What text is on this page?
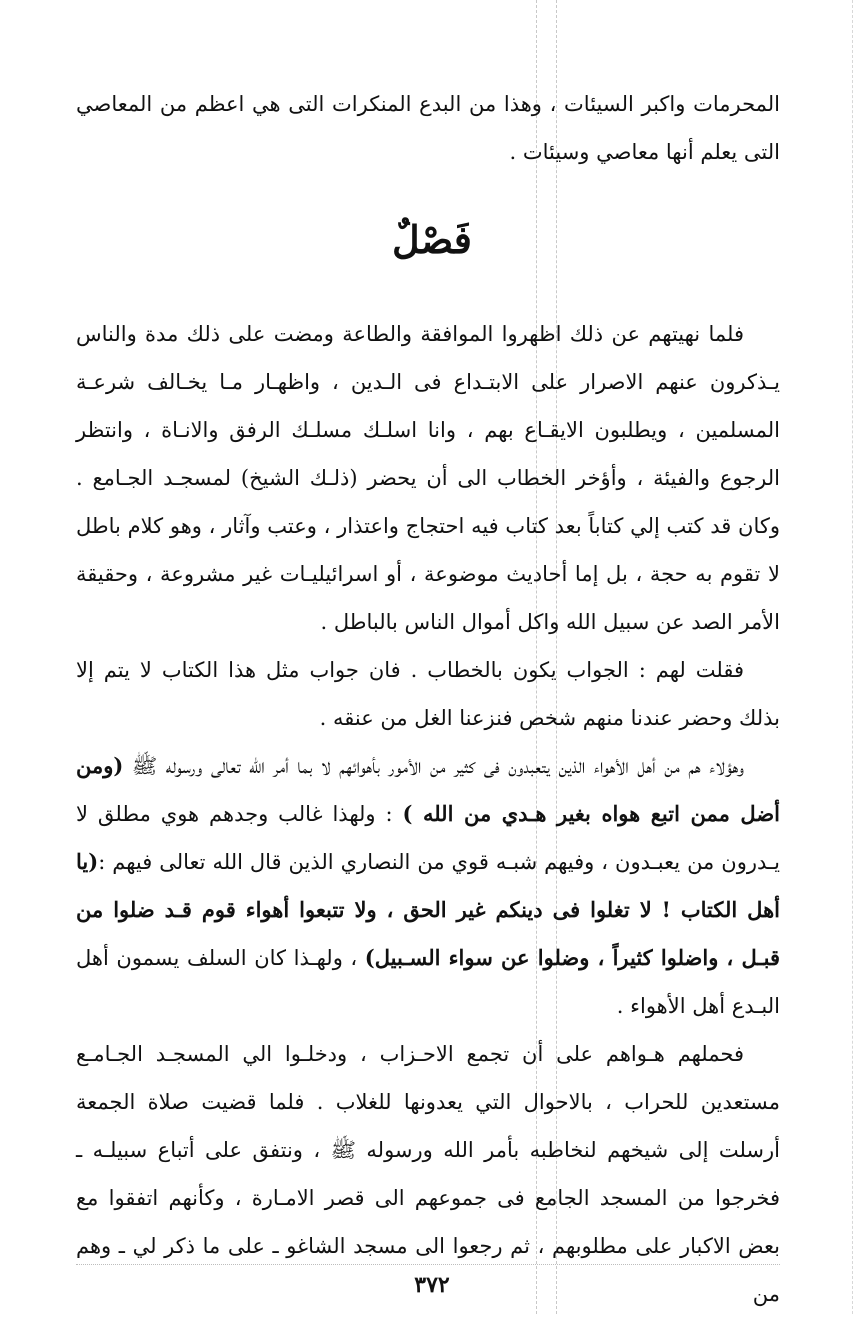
المحرمات واكبر السيئات ، وهذا من البدع المنكرات التى هي اعظم من المعاصي التى يعلم أنها معاصي وسيئات .

فَصْلٌ

فلما نهيتهم عن ذلك اظهروا الموافقة والطاعة ومضت على ذلك مدة والناس يـذكرون عنهم الاصرار على الابتـداع فى الـدين ، واظهـار مـا يخـالف شرعـة المسلمين ، ويطلبون الايقـاع بهم ، وانا اسلـك مسلـك الرفق والانـاة ، وانتظر الرجوع والفيئة ، وأؤخر الخطاب الى أن يحضر (ذلـك الشيخ) لمسجـد الجـامع . وكان قد كتب إلي كتاباً بعد كتاب فيه احتجاج واعتذار ، وعتب وآثار ، وهو كلام باطل لا تقوم به حجة ، بل إما أحاديث موضوعة ، أو اسرائيليـات غير مشروعة ، وحقيقة الأمر الصد عن سبيل الله واكل أموال الناس بالباطل .

فقلت لهم : الجواب يكون بالخطاب . فان جواب مثل هذا الكتاب لا يتم إلا بذلك وحضر عندنا منهم شخص فنزعنا الغل من عنقه .

وهؤلاء هم من أهل الأهواء الذين يتعبدون فى كثير من الأمور بأهوائهم لا بما أمر الله تعالى ورسوله ﷺ (ومن أضل ممن اتبع هواه بغير هـدي من الله ) : ولهذا غالب وجدهم هوي مطلق لا يـدرون من يعبـدون ، وفيهم شبـه قوي من النصاري الذين قال الله تعالى فيهم :(يا أهل الكتاب ! لا تغلوا فى دينكم غير الحق ، ولا تتبعوا أهواء قوم قـد ضلوا من قبـل ، واضلوا كثيراً ، وضلوا عن سواء السـبيل) ، ولهـذا كان السلف يسمون أهل البـدع أهل الأهواء .

فحملهم هـواهم على أن تجمع الاحـزاب ، ودخلـوا الي المسجـد الجـامـع مستعدين للحراب ، بالاحوال التي يعدونها للغلاب . فلما قضيت صلاة الجمعة أرسلت إلى شيخهم لنخاطبه بأمر الله ورسوله ﷺ ، ونتفق على أتباع سبيلـه ـ فخرجوا من المسجد الجامع فى جموعهم الى قصر الامـارة ، وكأنهم اتفقوا مع بعض الاكبار على مطلوبهم ، ثم رجعوا الى مسجد الشاغو ـ على ما ذكر لي ـ وهم من

٣٧٢
